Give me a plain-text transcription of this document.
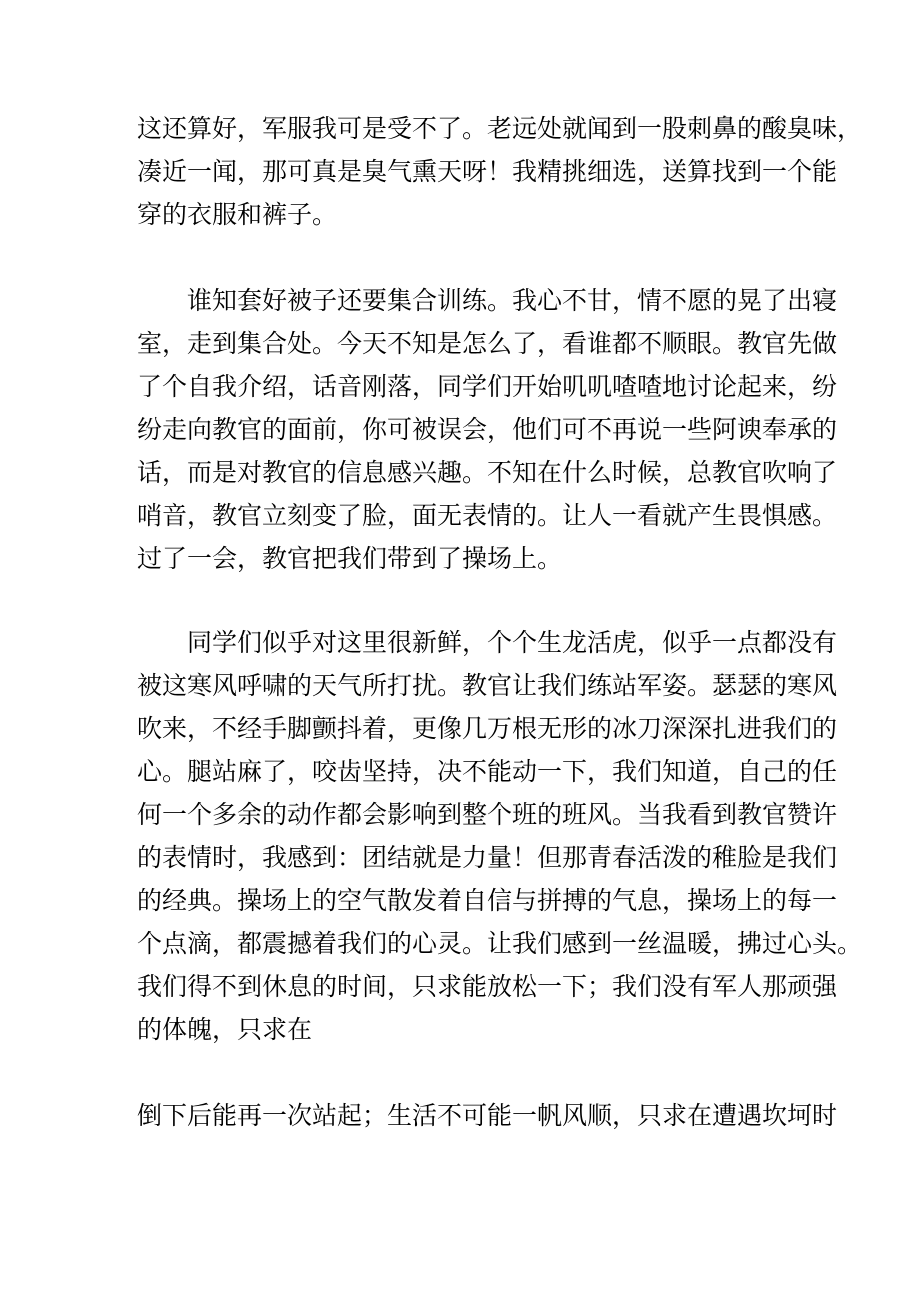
这还算好，军服我可是受不了。老远处就闻到一股刺鼻的酸臭味，
凑近一闻，那可真是臭气熏天呀！我精挑细选，送算找到一个能
穿的衣服和裤子。
　　谁知套好被子还要集合训练。我心不甘，情不愿的晃了出寝
室，走到集合处。今天不知是怎么了，看谁都不顺眼。教官先做
了个自我介绍，话音刚落，同学们开始叽叽喳喳地讨论起来，纷
纷走向教官的面前，你可被误会，他们可不再说一些阿谀奉承的
话，而是对教官的信息感兴趣。不知在什么时候，总教官吹响了
哨音，教官立刻变了脸，面无表情的。让人一看就产生畏惧感。
过了一会，教官把我们带到了操场上。
　　同学们似乎对这里很新鲜，个个生龙活虎，似乎一点都没有
被这寒风呼啸的天气所打扰。教官让我们练站军姿。瑟瑟的寒风
吹来，不经手脚颤抖着，更像几万根无形的冰刀深深扎进我们的
心。腿站麻了，咬齿坚持，决不能动一下，我们知道，自己的任
何一个多余的动作都会影响到整个班的班风。当我看到教官赞许
的表情时，我感到：团结就是力量！但那青春活泼的稚脸是我们
的经典。操场上的空气散发着自信与拼搏的气息，操场上的每一
个点滴，都震撼着我们的心灵。让我们感到一丝温暖，拂过心头。
我们得不到休息的时间，只求能放松一下；我们没有军人那顽强
的体魄，只求在
倒下后能再一次站起；生活不可能一帆风顺，只求在遭遇坎坷时
